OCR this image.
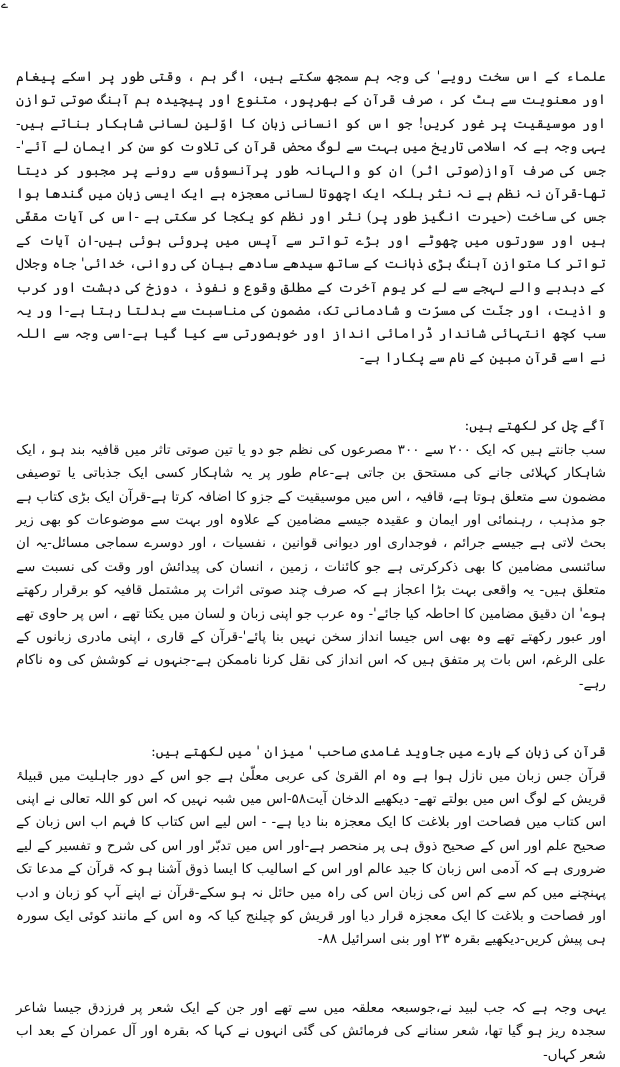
ے

علماء کے اس سخت رویے' کی وجہ ہم سمجھ سکتے ہیں، اگر ہم ، وقتی طور پر اسکے پیغام اور معنویت سے ہٹ کر ، صرف قرآن کے بھرپور، متنوع اور پیچیدہ ہم آہنگ صوتی توازن اور موسیقیت پر غور کریں! جو اس کو انسانی زبان کا اوّلین لسانی شاہکار بناتے ہیں- یہی وجہ ہے کہ اسلامی تاریخ میں بہت سے لوگ محض قرآن کی تلاوت کو سن کر ایمان لے آئے'- جس کی صرف آواز(صوتی اثر) ان کو والہانہ طور پرآنسوؤں سے رونے پر مجبور کر دیتا تھا-قرآن نہ نظم ہے نہ نثر بلکہ ایک اچھوتا لسانی معجزہ ہے ایک ایسی زبان میں گندھا ہوا جس کی ساخت (حیرت انگیز طور پر) نثر اور نظم کو یکجا کر سکتی ہے -اس کی آیات مقفّی ہیں اور سورتوں میں چھوٹے اور بڑے تواتر سے آپس میں پروئی ہوئی ہیں-ان آیات کے تواتر کا متوازن آہنگ بڑی ذہانت کے ساتھ سیدھے سادھے بیان کی روانی، خدائی' جاہ وجلال کے دبدبے والے لہجے سے لے کر یوم آخرت کے مطلق وقوع و نفوذ ، دوزخ کی دہشت اور کرب و اذیت، اور جنّت کی مسرّت و شادمانی تک، مضمون کی مناسبت سے بدلتا رہتا ہے-ا ور یہ سب کچھ انتہائی شاندار ڈرامائی انداز اور خوبصورتی سے کیا گیا ہے-اسی وجہ سے اللہ نے اسے قرآن مبین کے نام سے پکارا ہے-

آگے چل کر لکھتے ہیں:

سب جانتے ہیں کہ ایک ۲۰۰ سے ۳۰۰ مصرعوں کی نظم جو دو یا تین صوتی تاثر میں قافیہ بند ہو ، ایک شاہکار کہلائی جانے کی مستحق بن جاتی ہے-عام طور پر یہ شاہکار کسی ایک جذباتی یا توصیفی مضمون سے متعلق ہوتا ہے، قافیہ ، اس میں موسیقیت کے جزو کا اضافہ کرتا ہے-قرآن ایک بڑی کتاب ہے جو مذہب ، رہنمائی اور ایمان و عقیدہ جیسے مضامین کے علاوہ اور بہت سے موضوعات کو بھی زیر بحث لاتی ہے جیسے جرائم ، فوجداری اور دیوانی قوانین ، نفسیات ، اور دوسرے سماجی مسائل-یہ ان سائنسی مضامین کا بھی ذکرکرتی ہے جو کائنات ، زمین ، انسان کی پیدائش اور وقت کی نسبت سے متعلق ہیں- یہ واقعی بہت بڑا اعجاز ہے کہ صرف چند صوتی اثرات پر مشتمل قافیہ کو برقرار رکھتے ہوے' ان دقیق مضامین کا احاطہ کیا جائے'- وہ عرب جو اپنی زبان و لسان میں یکتا تھے ، اس پر حاوی تھے اور عبور رکھتے تھے وہ بھی اس جیسا انداز سخن نہیں بنا پائے'-قرآن کے قاری ، اپنی مادری زبانوں کے علی الرغم، اس بات پر متفق ہیں کہ اس انداز کی نقل کرنا ناممکن ہے-جنہوں نے کوشش کی وہ ناکام رہے-

قرآن کی زبان کے بارے میں جاوید غامدی صاحب ' میزان ' میں لکھتے ہیں:

قرآن جس زبان میں نازل ہوا ہے وہ ام القریٰ کی عربی معلّیٰ ہے جو اس کے دور جاہلیت میں قبیلۂ قریش کے لوگ اس میں بولتے تھے- دیکھیے الدخان آیت۵۸-اس میں شبہ نہیں کہ اس کو اللہ تعالی نے اپنی اس کتاب میں فصاحت اور بلاغت کا ایک معجزہ بنا دیا ہے- - اس لیے اس کتاب کا فہم اب اس زبان کے صحیح علم اور اس کے صحیح ذوق ہی پر منحصر ہے-اور اس میں تدبّر اور اس کی شرح و تفسیر کے لیے ضروری ہے کہ آدمی اس زبان کا جید عالم اور اس کے اسالیب کا ایسا ذوق آشنا ہو کہ قرآن کے مدعا تک پہنچنے میں کم سے کم اس کی زبان اس کی راہ میں حائل نہ ہو سکے-قرآن نے اپنے آپ کو زبان و ادب اور فصاحت و بلاغت کا ایک معجزہ قرار دیا اور قریش کو چیلنج کیا کہ وہ اس کے مانند کوئی ایک سورہ ہی پیش کریں-دیکھیے بقرہ ۲۳ اور بنی اسرائیل ۸۸-

یہی وجہ ہے کہ جب لبید نے،جوسبعہ معلقہ میں سے تھے اور جن کے ایک شعر پر فرزدق جیسا شاعر سجدہ ریز ہو گیا تھا، شعر سنانے کی فرمائش کی گئی انہوں نے کہا کہ بقرہ اور آل عمران کے بعد اب شعر کہاں-
